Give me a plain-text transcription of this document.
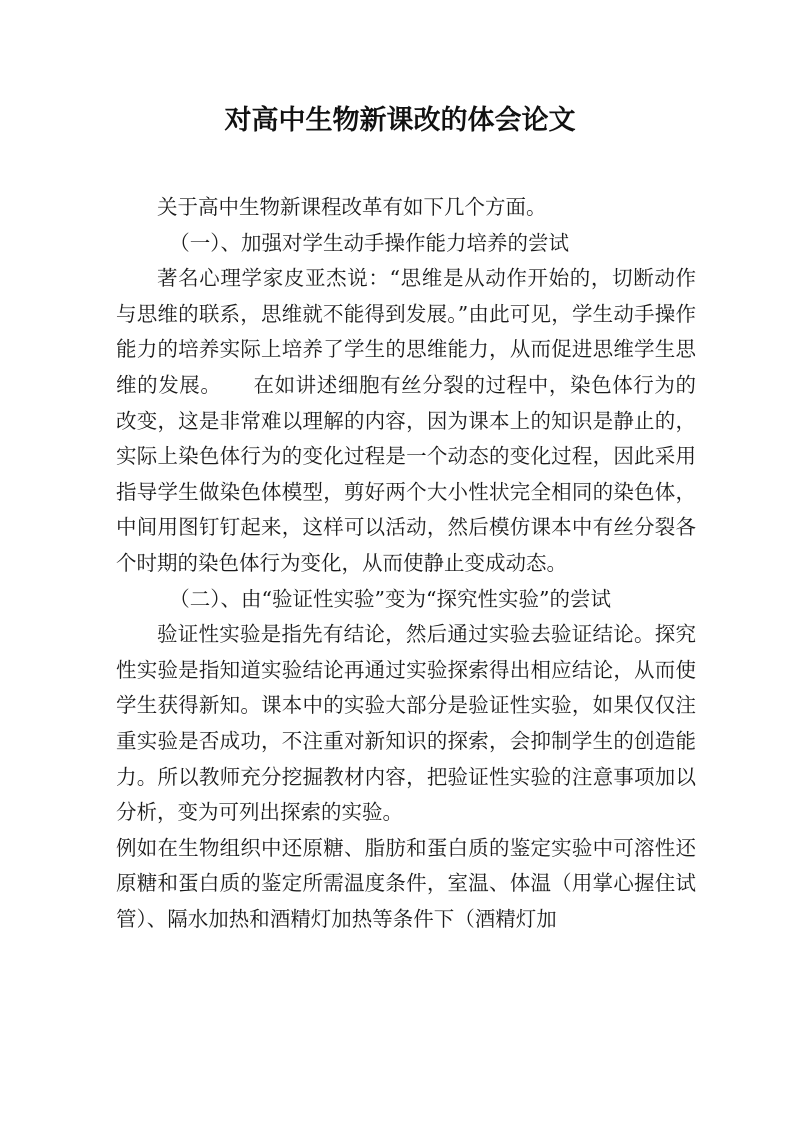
对高中生物新课改的体会论文

关于高中生物新课程改革有如下几个方面。

（一）、加强对学生动手操作能力培养的尝试

著名心理学家皮亚杰说：“思维是从动作开始的，切断动作与思维的联系，思维就不能得到发展。”由此可见，学生动手操作能力的培养实际上培养了学生的思维能力，从而促进思维学生思维的发展。　　在如讲述细胞有丝分裂的过程中，染色体行为的改变，这是非常难以理解的内容，因为课本上的知识是静止的，实际上染色体行为的变化过程是一个动态的变化过程，因此采用指导学生做染色体模型，剪好两个大小性状完全相同的染色体，中间用图钉钉起来，这样可以活动，然后模仿课本中有丝分裂各个时期的染色体行为变化，从而使静止变成动态。

（二）、由“验证性实验”变为“探究性实验”的尝试

验证性实验是指先有结论，然后通过实验去验证结论。探究性实验是指知道实验结论再通过实验探索得出相应结论，从而使学生获得新知。课本中的实验大部分是验证性实验，如果仅仅注重实验是否成功，不注重对新知识的探索，会抑制学生的创造能力。所以教师充分挖掘教材内容，把验证性实验的注意事项加以分析，变为可列出探索的实验。

例如在生物组织中还原糖、脂肪和蛋白质的鉴定实验中可溶性还原糖和蛋白质的鉴定所需温度条件，室温、体温（用掌心握住试管）、隔水加热和酒精灯加热等条件下（酒精灯加
